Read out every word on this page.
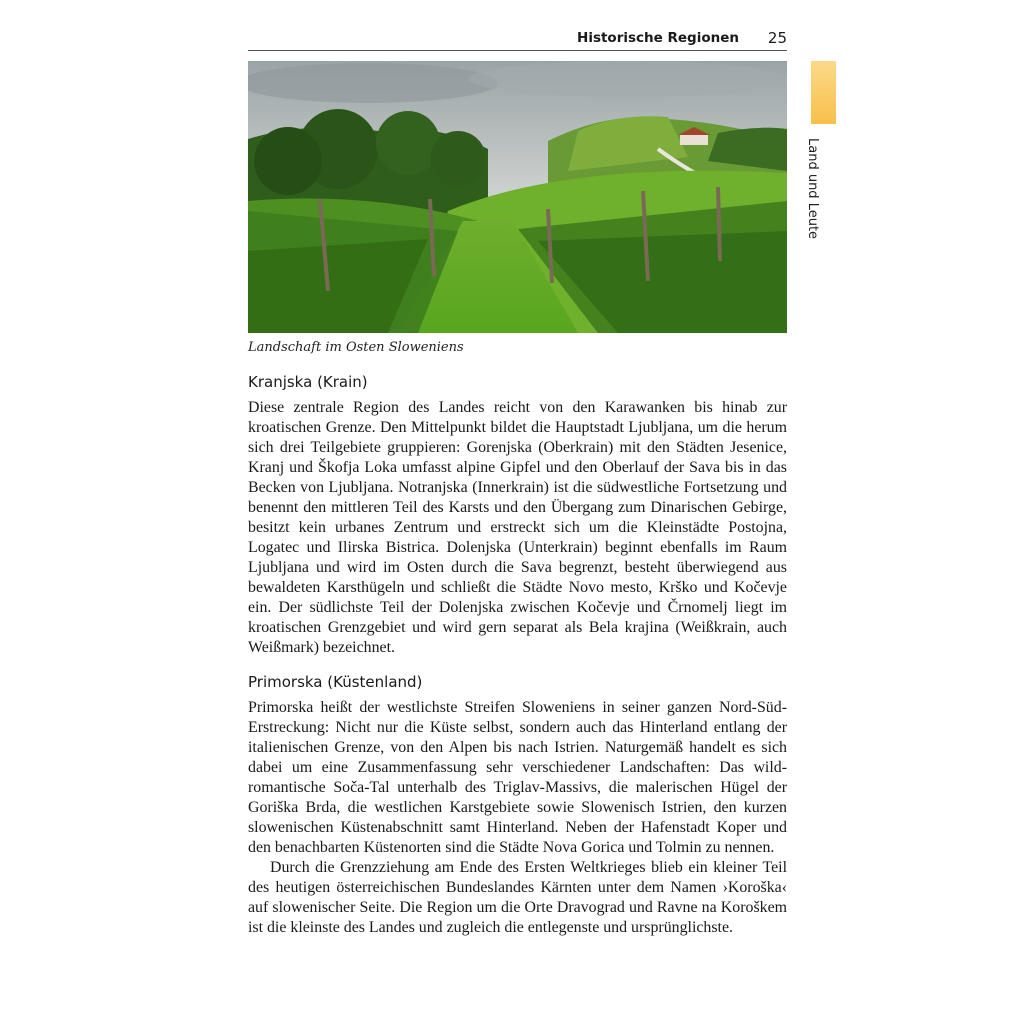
Historische Regionen 25
Land und Leute
Landschaft im Osten Sloweniens
Kranjska (Krain)

Diese zentrale Region des Landes reicht von den Karawanken bis hinab zur kroatischen Grenze. Den Mittelpunkt bildet die Hauptstadt Ljubljana, um die herum sich drei Teilgebiete gruppieren: Gorenjska (Oberkrain) mit den Städten Jesenice, Kranj und Škofja Loka umfasst alpine Gipfel und den Oberlauf der Sava bis in das Becken von Ljubljana. Notranjska (Innerkrain) ist die südwestliche Fortsetzung und benennt den mittleren Teil des Karsts und den Übergang zum Dinarischen Gebirge, besitzt kein urbanes Zentrum und erstreckt sich um die Kleinstädte Postojna, Logatec und Ilirska Bistrica. Dolenjska (Unterkrain) beginnt ebenfalls im Raum Ljubljana und wird im Osten durch die Sava begrenzt, besteht überwiegend aus bewaldeten Karsthügeln und schließt die Städte Novo mesto, Krško und Kočevje ein. Der südlichste Teil der Dolenjska zwischen Kočevje und Črnomelj liegt im kroatischen Grenzgebiet und wird gern separat als Bela krajina (Weißkrain, auch Weißmark) bezeichnet.

Primorska (Küstenland)

Primorska heißt der westlichste Streifen Sloweniens in seiner ganzen Nord-Süd-Erstreckung: Nicht nur die Küste selbst, sondern auch das Hinterland entlang der italienischen Grenze, von den Alpen bis nach Istrien. Naturgemäß handelt es sich dabei um eine Zusammenfassung sehr verschiedener Landschaften: Das wild-romantische Soča-Tal unterhalb des Triglav-Massivs, die malerischen Hügel der Goriška Brda, die westlichen Karstgebiete sowie Slowenisch Istrien, den kurzen slowenischen Küstenabschnitt samt Hinterland. Neben der Hafenstadt Koper und den benachbarten Küstenorten sind die Städte Nova Gorica und Tolmin zu nennen.

Durch die Grenzziehung am Ende des Ersten Weltkrieges blieb ein kleiner Teil des heutigen österreichischen Bundeslandes Kärnten unter dem Namen ›Koroška‹ auf slowenischer Seite. Die Region um die Orte Dravograd und Ravne na Koroškem ist die kleinste des Landes und zugleich die entlegenste und ursprünglichste.
